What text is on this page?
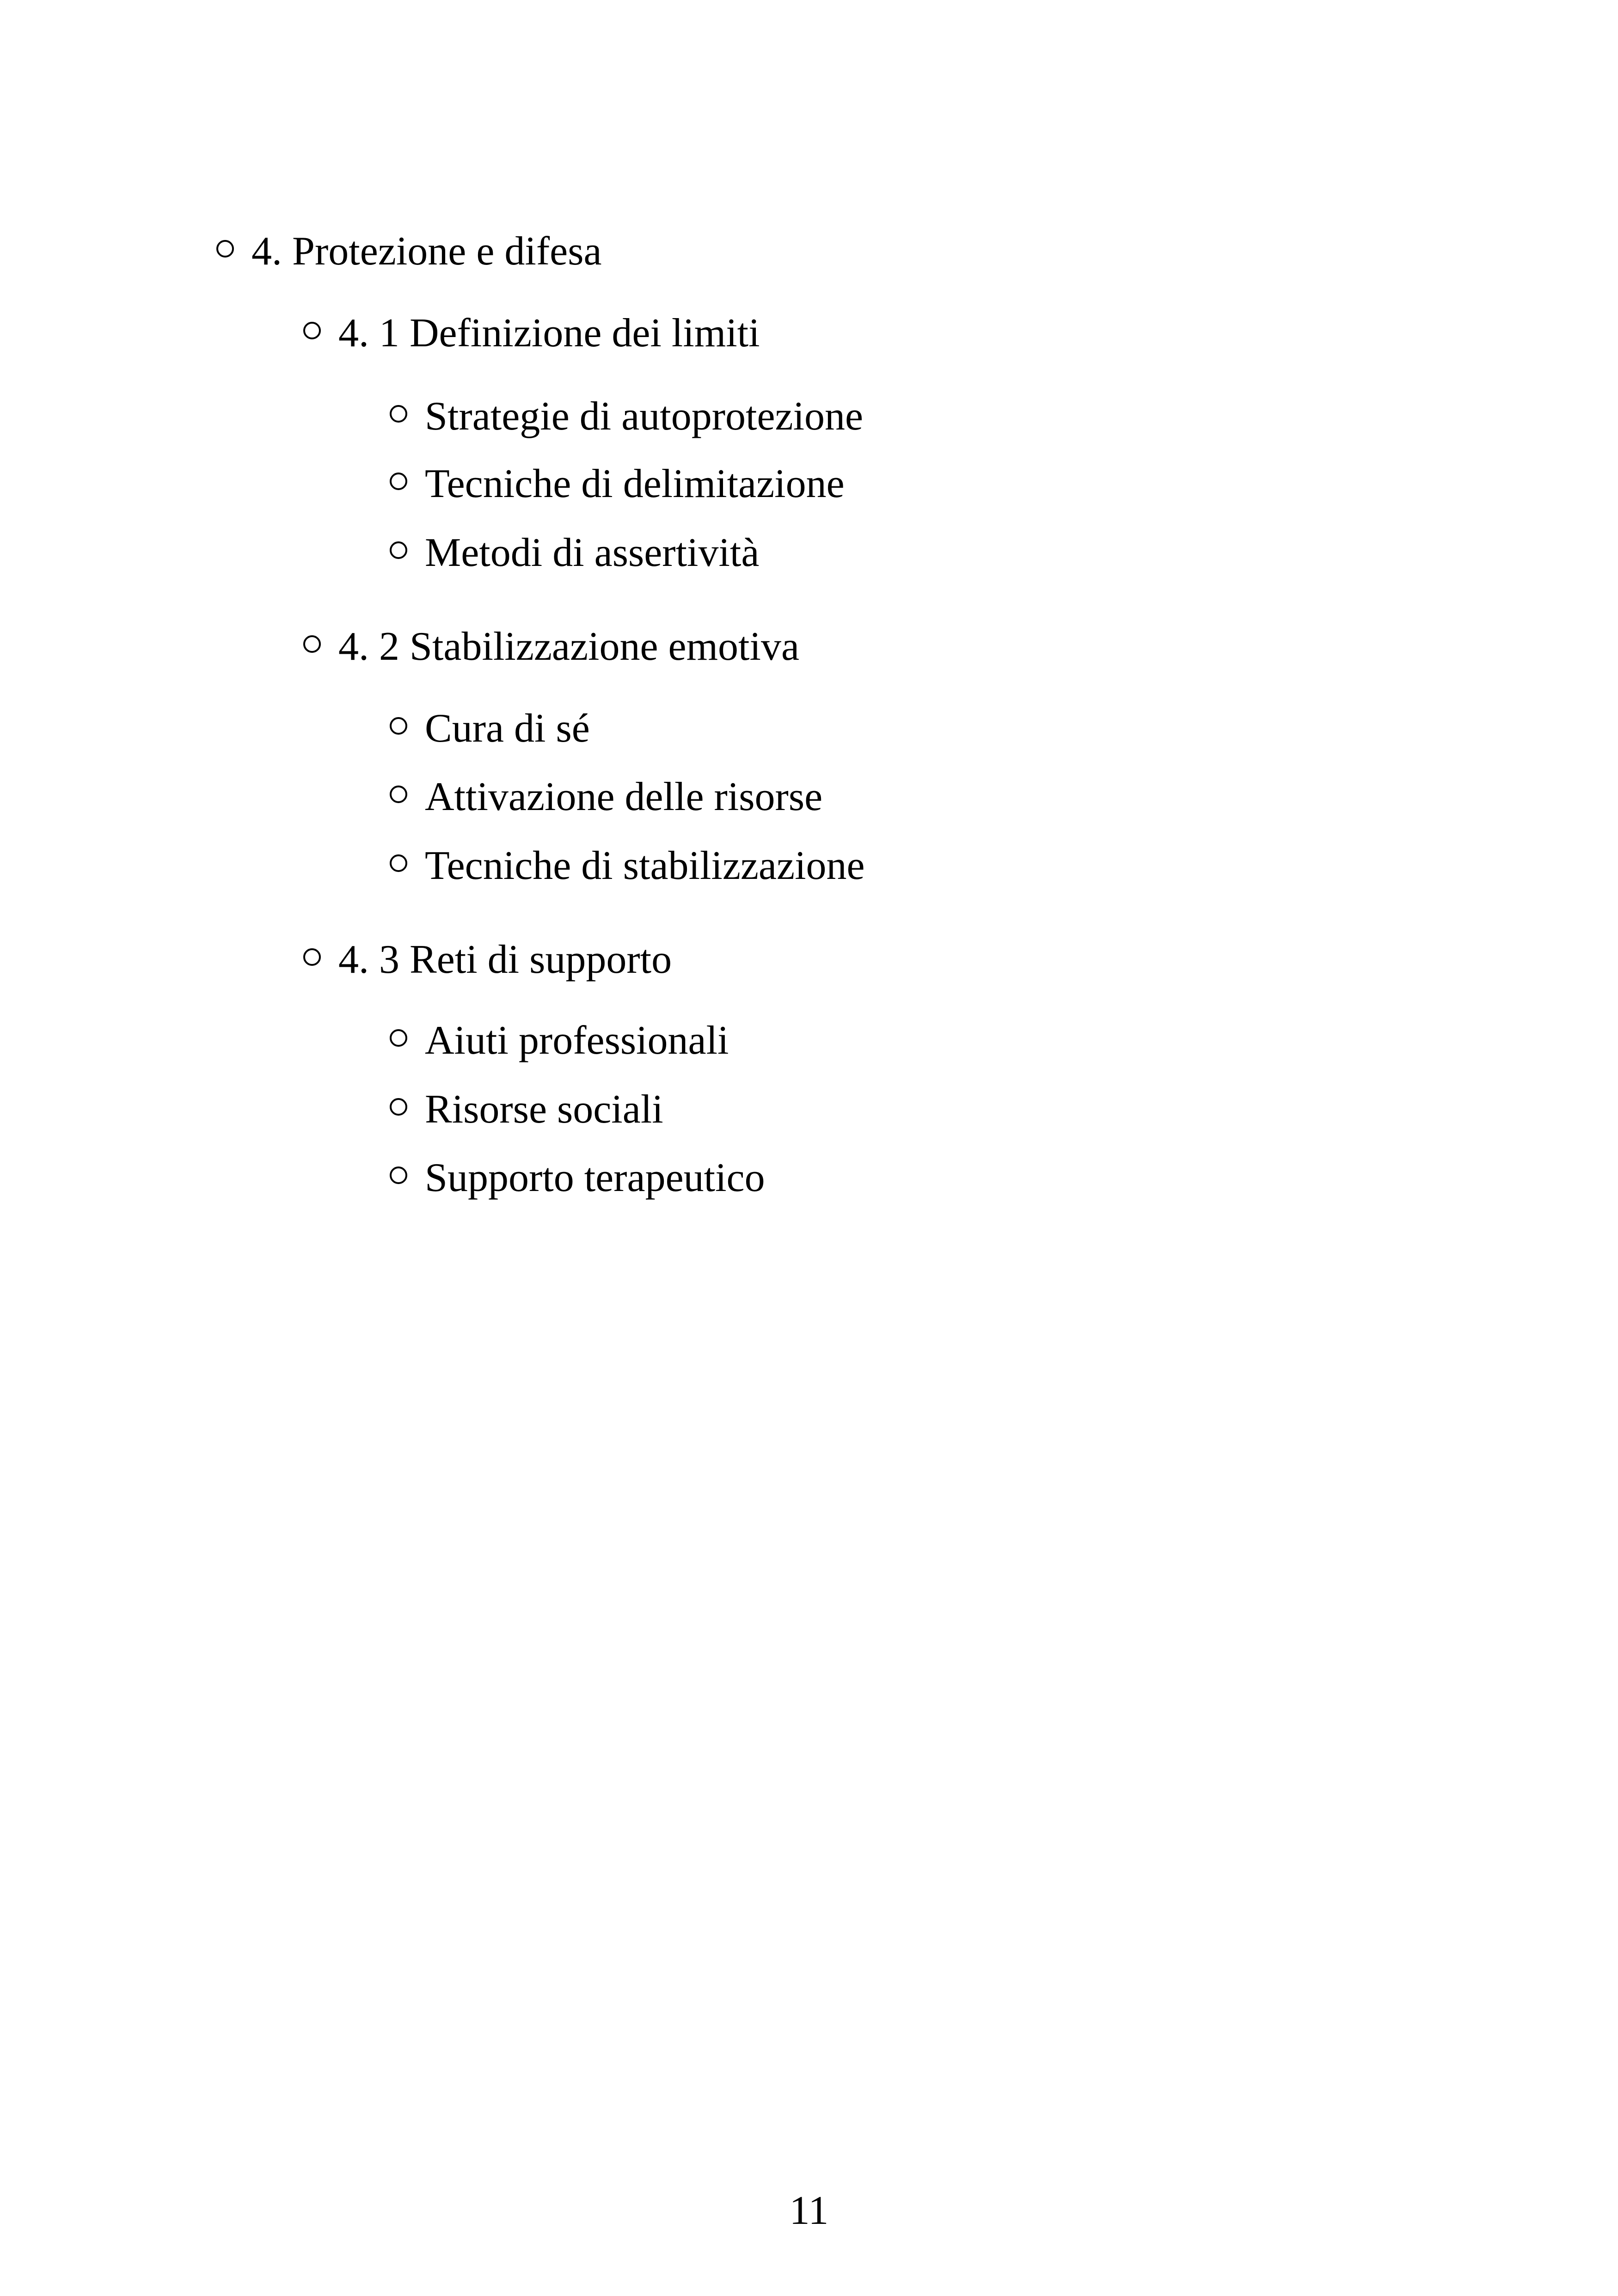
4. Protezione e difesa
4. 1 Definizione dei limiti
Strategie di autoprotezione
Tecniche di delimitazione
Metodi di assertività
4. 2 Stabilizzazione emotiva
Cura di sé
Attivazione delle risorse
Tecniche di stabilizzazione
4. 3 Reti di supporto
Aiuti professionali
Risorse sociali
Supporto terapeutico
11
